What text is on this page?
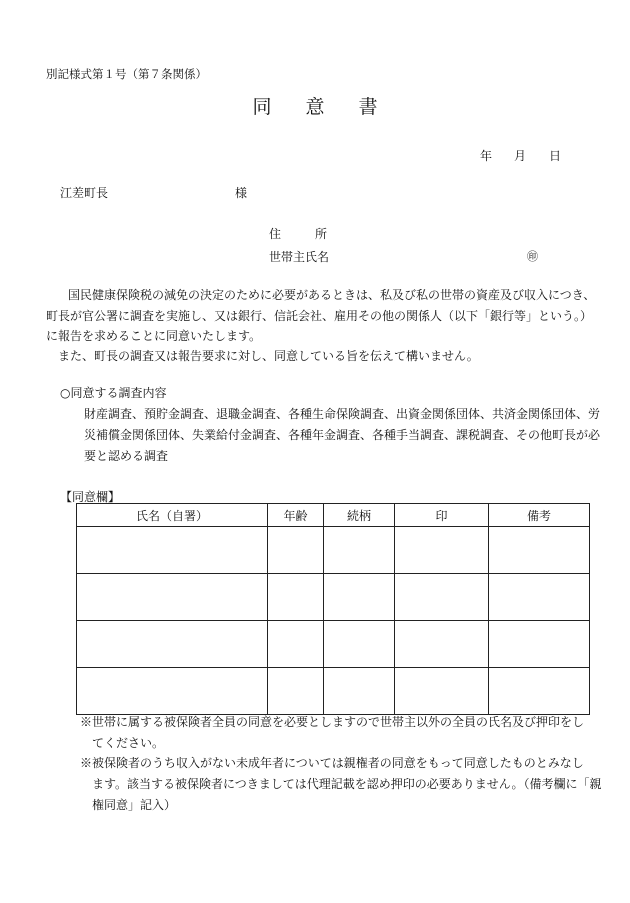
別記様式第１号（第７条関係）
同 意 書
年 月 日
江差町長	様
住	所
世帯主氏名	㊞
国民健康保険税の減免の決定のために必要があるときは、私及び私の世帯の資産及び収入につき、
町長が官公署に調査を実施し、又は銀行、信託会社、雇用その他の関係人（以下「銀行等」という。）
に報告を求めることに同意いたします。
また、町長の調査又は報告要求に対し、同意している旨を伝えて構いません。
○同意する調査内容
財産調査、預貯金調査、退職金調査、各種生命保険調査、出資金関係団体、共済金関係団体、労
災補償金関係団体、失業給付金調査、各種年金調査、各種手当調査、課税調査、その他町長が必
要と認める調査
【同意欄】
氏名（自署）	年齢	続柄	印	備考

※世帯に属する被保険者全員の同意を必要としますので世帯主以外の全員の氏名及び押印をし
　てください。
※被保険者のうち収入がない未成年者については親権者の同意をもって同意したものとみなし
　ます。該当する被保険者につきましては代理記載を認め押印の必要ありません。（備考欄に「親
　権同意」記入）
